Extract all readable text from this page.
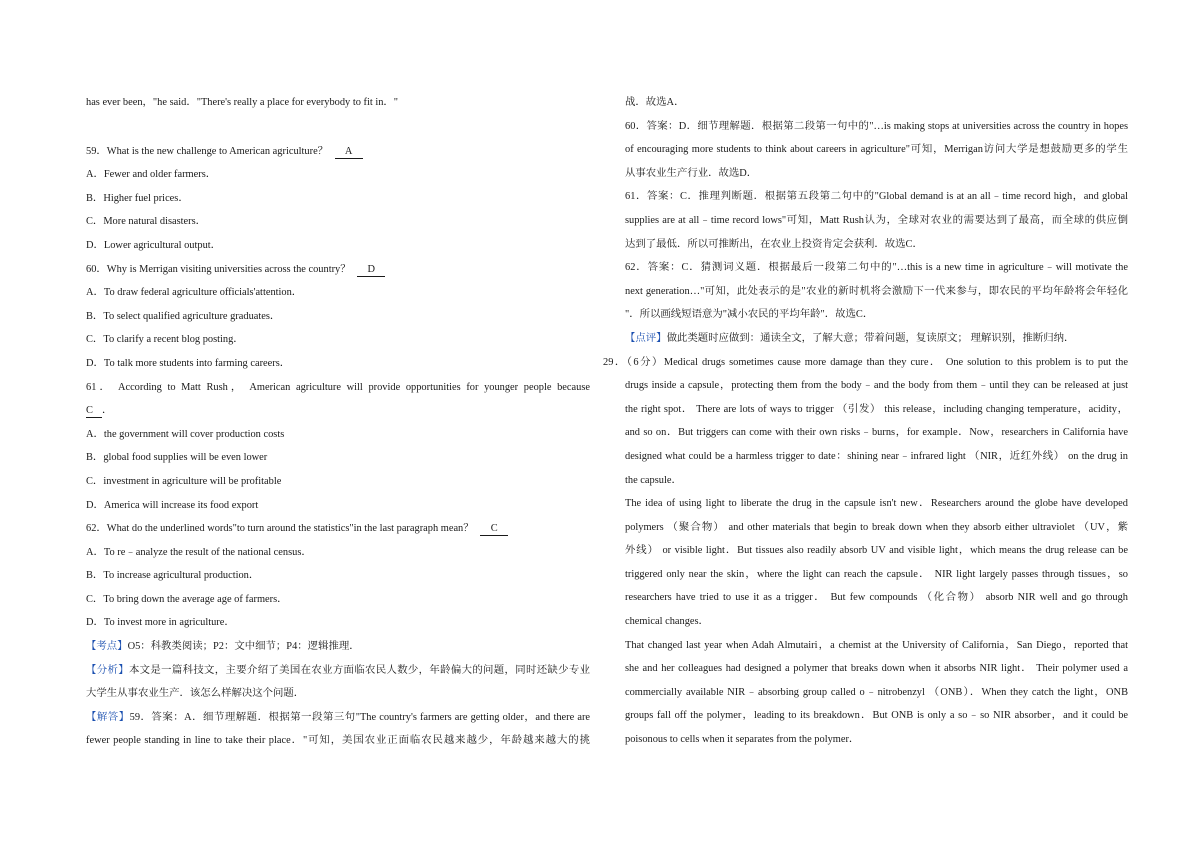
has ever been，"he said．"There's really a place for everybody to fit in．"
59．What is the new challenge to American agriculture？ A
A．Fewer and older farmers．
B．Higher fuel prices．
C．More natural disasters．
D．Lower agricultural output．
60．Why is Merrigan visiting universities across the country？ D
A．To draw federal agriculture officials'attention．
B．To select qualified agriculture graduates．
C．To clarify a recent blog posting．
D．To talk more students into farming careers．
61． According to Matt Rush， American agriculture will provide opportunities for younger people because
C ．
A．the government will cover production costs
B．global food supplies will be even lower
C．investment in agriculture will be profitable
D．America will increase its food export
62．What do the underlined words"to turn around the statistics"in the last paragraph mean？ C
A．To re﹣analyze the result of the national census．
B．To increase agricultural production．
C．To bring down the average age of farmers．
D．To invest more in agriculture．
【考点】O5：科教类阅读；P2：文中细节；P4：逻辑推理．
【分析】本文是一篇科技文，主要介绍了美国在农业方面临农民人数少，年龄偏大的问题，同时还缺少专业
大学生从事农业生产．该怎么样解决这个问题．
【解答】59．答案：A．细节理解题．根据第一段第三句"The country's farmers are getting older，and there are
fewer people standing in line to take their place．"可知，美国农业正面临农民越来越少，年龄越来越大的挑
战．故选A．
60．答案：D．细节理解题．根据第二段第一句中的"…is making stops at universities across the country in hopes
of encouraging more students to think about careers in agriculture"可知，Merrigan访问大学是想鼓励更多的学生
从事农业生产行业．故选D．
61．答案：C．推理判断题．根据第五段第二句中的"Global demand is at an all﹣time record high，and global
supplies are at all﹣time record lows"可知，Matt Rush认为，全球对农业的需要达到了最高，而全球的供应倒
达到了最低．所以可推断出，在农业上投资肯定会获利．故选C．
62．答案：C．猜测词义题．根据最后一段第二句中的"…this is a new time in agriculture﹣will motivate the
next generation…"可知，此处表示的是"农业的新时机将会激励下一代来参与，即农民的平均年龄将会年轻化
"．所以画线短语意为"减小农民的平均年龄"．故选C．
【点评】做此类题时应做到：通读全文，了解大意；带着问题，复读原文； 理解识别，推断归纳．
29．（6分）Medical drugs sometimes cause more damage than they cure． One solution to this problem is to put the
drugs inside a capsule，protecting them from the body﹣and the body from them﹣until they can be released at just
the right spot． There are lots of ways to trigger （引发） this release，including changing temperature，acidity，
and so on．But triggers can come with their own risks﹣burns，for example．Now，researchers in California have
designed what could be a harmless trigger to date：shining near﹣infrared light （NIR，近红外线） on the drug in
the capsule．
The idea of using light to liberate the drug in the capsule isn't new．Researchers around the globe have developed
polymers （聚合物） and other materials that begin to break down when they absorb either ultraviolet （UV，紫
外线） or visible light．But tissues also readily absorb UV and visible light，which means the drug release can be
triggered only near the skin，where the light can reach the capsule． NIR light largely passes through tissues，so
researchers have tried to use it as a trigger． But few compounds （化合物） absorb NIR well and go through
chemical changes．
That changed last year when Adah Almutairi，a chemist at the University of California，San Diego，reported that
she and her colleagues had designed a polymer that breaks down when it absorbs NIR light． Their polymer used a
commercially available NIR﹣absorbing group called o﹣nitrobenzyl （ONB）．When they catch the light，ONB
groups fall off the polymer，leading to its breakdown．But ONB is only a so﹣so NIR absorber，and it could be
poisonous to cells when it separates from the polymer．
